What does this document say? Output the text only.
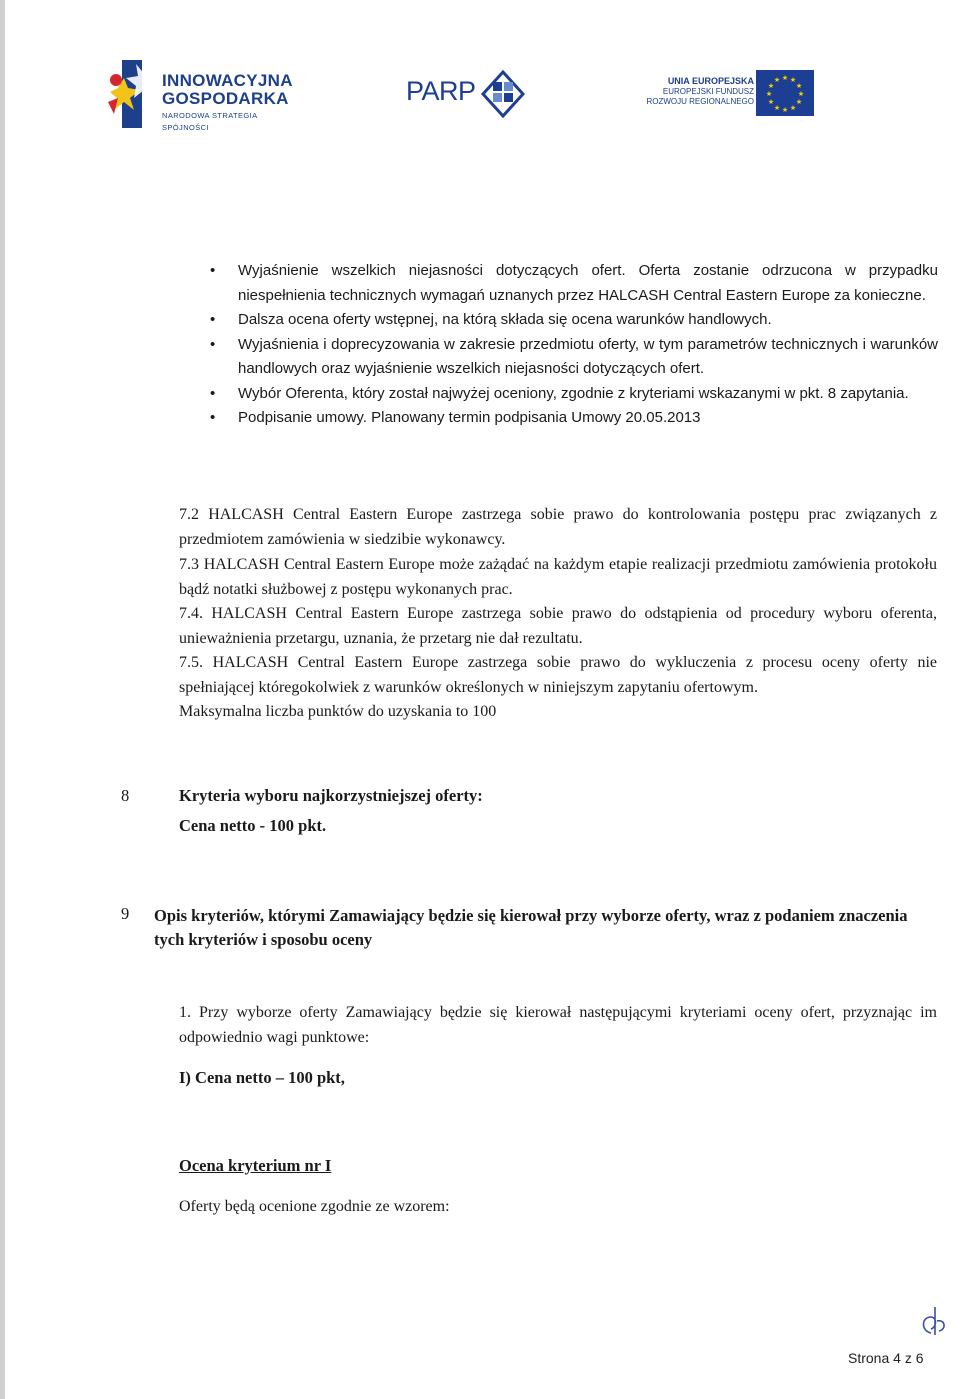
INNOWACYJNA
GOSPODARKA
NARODOWA STRATEGIA SPÓJNOŚCI
PARP	UNIA EUROPEJSKA
EUROPEJSKI FUNDUSZ
ROZWOJU REGIONALNEGO
★ ★
★
★
★
★
★
★
★
★
★
★
• Wyjaśnienie wszelkich niejasności dotyczących ofert. Oferta zostanie odrzucona w przypadku niespełnienia technicznych wymagań uznanych przez HALCASH Central Eastern Europe za konieczne.
• Dalsza ocena oferty wstępnej, na którą składa się ocena warunków handlowych.
• Wyjaśnienia i doprecyzowania w zakresie przedmiotu oferty, w tym parametrów technicznych i warunków handlowych oraz wyjaśnienie wszelkich niejasności dotyczących ofert.
• Wybór Oferenta, który został najwyżej oceniony, zgodnie z kryteriami wskazanymi w pkt. 8 zapytania.
• Podpisanie umowy. Planowany termin podpisania Umowy 20.05.2013

7.2 HALCASH Central Eastern Europe zastrzega sobie prawo do kontrolowania postępu prac związanych z przedmiotem zamówienia w siedzibie wykonawcy.

7.3 HALCASH Central Eastern Europe może zażądać na każdym etapie realizacji przedmiotu zamówienia protokołu bądź notatki służbowej z postępu wykonanych prac.

7.4. HALCASH Central Eastern Europe zastrzega sobie prawo do odstąpienia od procedury wyboru oferenta, unieważnienia przetargu, uznania, że przetarg nie dał rezultatu.

7.5. HALCASH Central Eastern Europe zastrzega sobie prawo do wykluczenia z procesu oceny oferty nie spełniającej któregokolwiek z warunków określonych w niniejszym zapytaniu ofertowym.

Maksymalna liczba punktów do uzyskania to 100

8	Kryteria wyboru najkorzystniejszej oferty:
Cena netto - 100 pkt.
9 Opis kryteriów, którymi Zamawiający będzie się kierował przy wyborze oferty, wraz z podaniem znaczenia tych kryteriów i sposobu oceny
1. Przy wyborze oferty Zamawiający będzie się kierował następującymi kryteriami oceny ofert, przyznając im odpowiednio wagi punktowe:
I) Cena netto – 100 pkt,
Ocena kryterium nr I
Oferty będą ocenione zgodnie ze wzorem:
Strona 4 z 6
